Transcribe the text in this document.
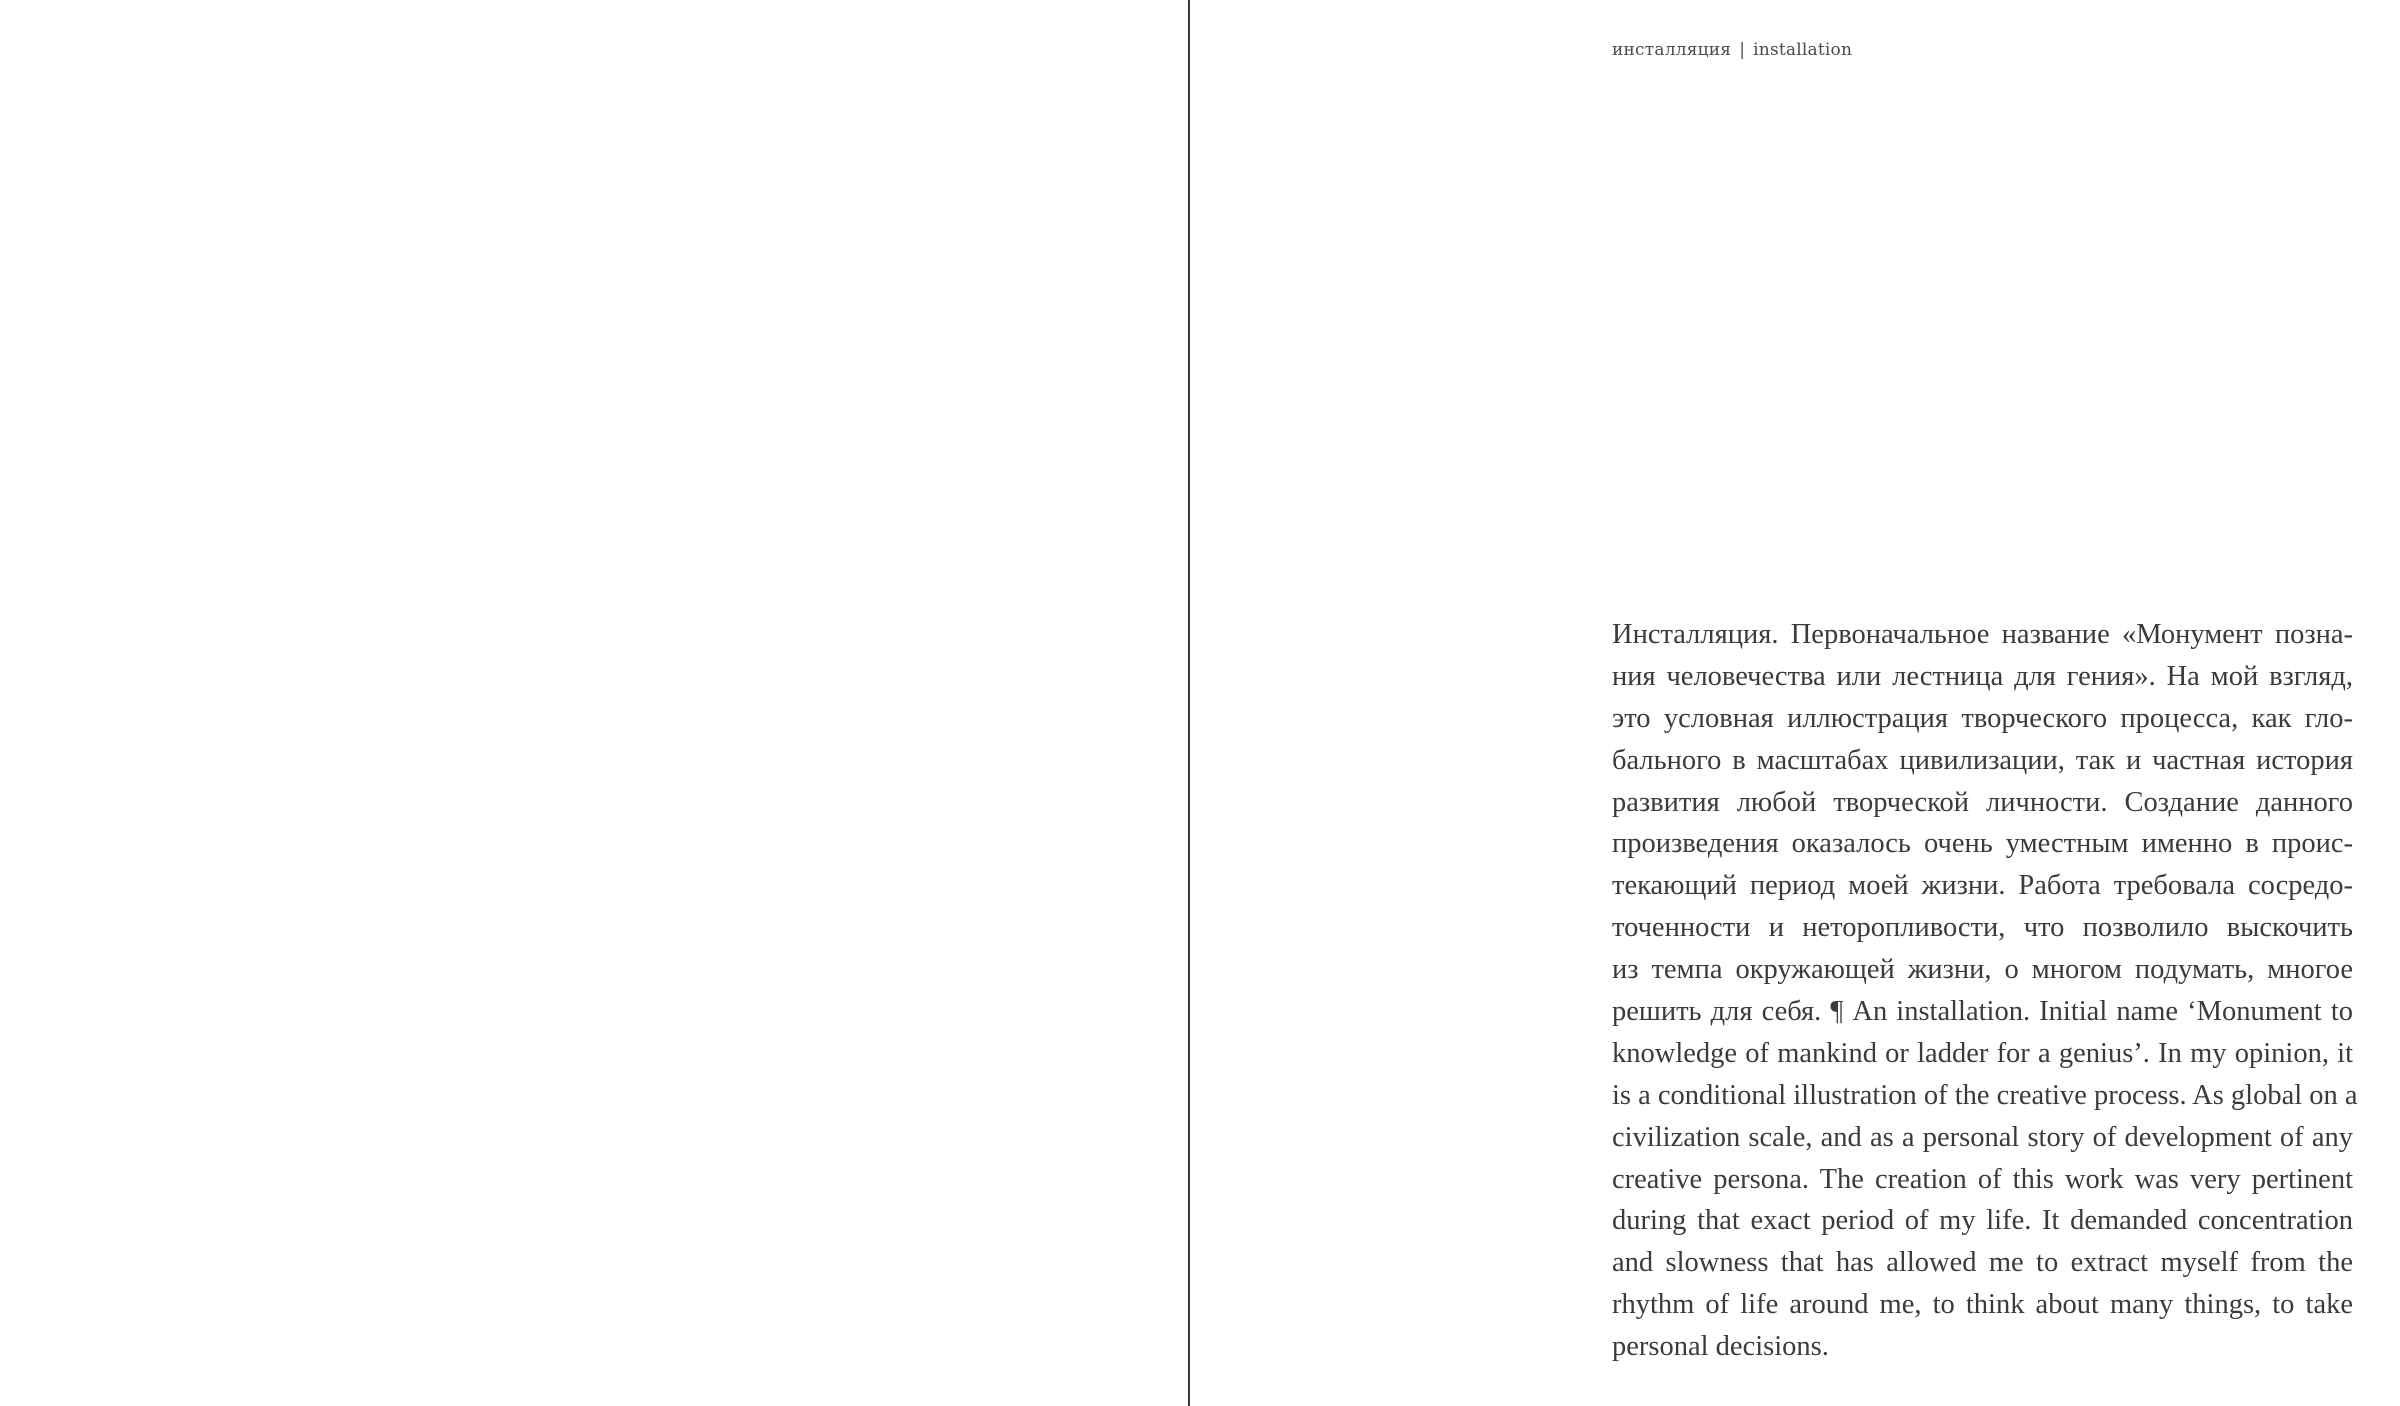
инсталляция | installation
Инсталляция. Первоначальное название «Монумент позна-
ния человечества или лестница для гения». На мой взгляд,
это условная иллюстрация творческого процесса, как гло-
бального в масштабах цивилизации, так и частная история
развития любой творческой личности. Создание данного
произведения оказалось очень уместным именно в проис-
текающий период моей жизни. Работа требовала сосредо-
точенности и неторопливости, что позволило выскочить
из темпа окружающей жизни, о многом подумать, многое
решить для себя. ¶ An installation. Initial name ‘Monument to
knowledge of mankind or ladder for a genius’. In my opinion, it
is a conditional illustration of the creative process. As global on a
civilization scale, and as a personal story of development of any
creative persona. The creation of this work was very pertinent
during that exact period of my life. It demanded concentration
and slowness that has allowed me to extract myself from the
rhythm of life around me, to think about many things, to take
personal decisions.
